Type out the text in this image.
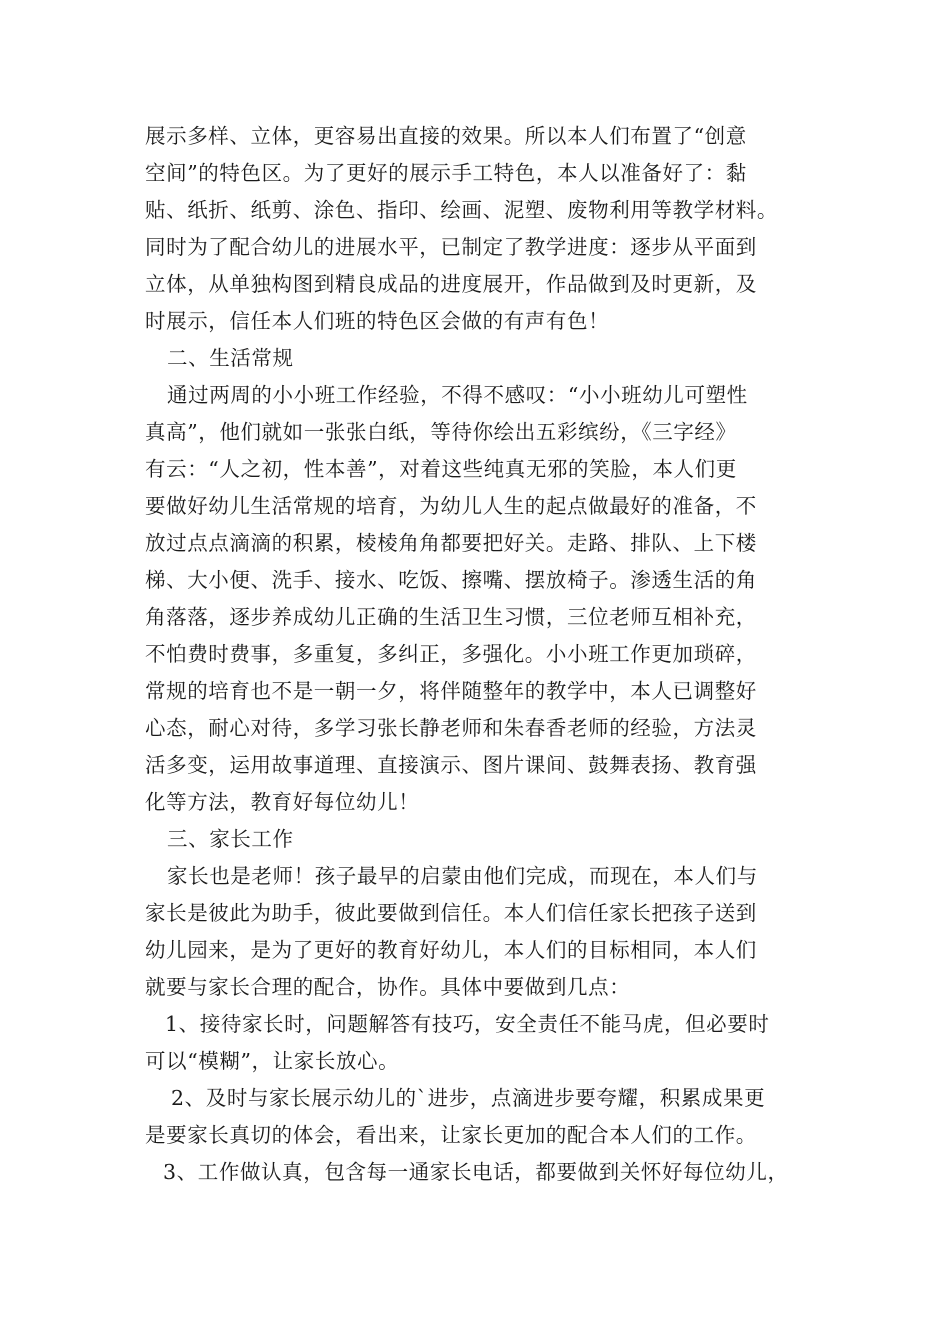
展示多样、立体，更容易出直接的效果。所以本人们布置了“创意
空间”的特色区。为了更好的展示手工特色，本人以准备好了：黏
贴、纸折、纸剪、涂色、指印、绘画、泥塑、废物利用等教学材料。
同时为了配合幼儿的进展水平，已制定了教学进度：逐步从平面到
立体，从单独构图到精良成品的进度展开，作品做到及时更新，及
时展示，信任本人们班的特色区会做的有声有色！
二、生活常规
通过两周的小小班工作经验，不得不感叹：“小小班幼儿可塑性
真高”，他们就如一张张白纸，等待你绘出五彩缤纷，《三字经》
有云：“人之初，性本善”，对着这些纯真无邪的笑脸，本人们更
要做好幼儿生活常规的培育，为幼儿人生的起点做最好的准备，不
放过点点滴滴的积累，棱棱角角都要把好关。走路、排队、上下楼
梯、大小便、洗手、接水、吃饭、擦嘴、摆放椅子。渗透生活的角
角落落，逐步养成幼儿正确的生活卫生习惯，三位老师互相补充，
不怕费时费事，多重复，多纠正，多强化。小小班工作更加琐碎，
常规的培育也不是一朝一夕，将伴随整年的教学中，本人已调整好
心态，耐心对待，多学习张长静老师和朱春香老师的经验，方法灵
活多变，运用故事道理、直接演示、图片课间、鼓舞表扬、教育强
化等方法，教育好每位幼儿！
三、家长工作
家长也是老师！孩子最早的启蒙由他们完成，而现在，本人们与
家长是彼此为助手，彼此要做到信任。本人们信任家长把孩子送到
幼儿园来，是为了更好的教育好幼儿，本人们的目标相同，本人们
就要与家长合理的配合，协作。具体中要做到几点：
1、接待家长时，问题解答有技巧，安全责任不能马虎，但必要时
可以“模糊”，让家长放心。
2、及时与家长展示幼儿的`进步，点滴进步要夸耀，积累成果更
是要家长真切的体会，看出来，让家长更加的配合本人们的工作。
3、工作做认真，包含每一通家长电话，都要做到关怀好每位幼儿，
